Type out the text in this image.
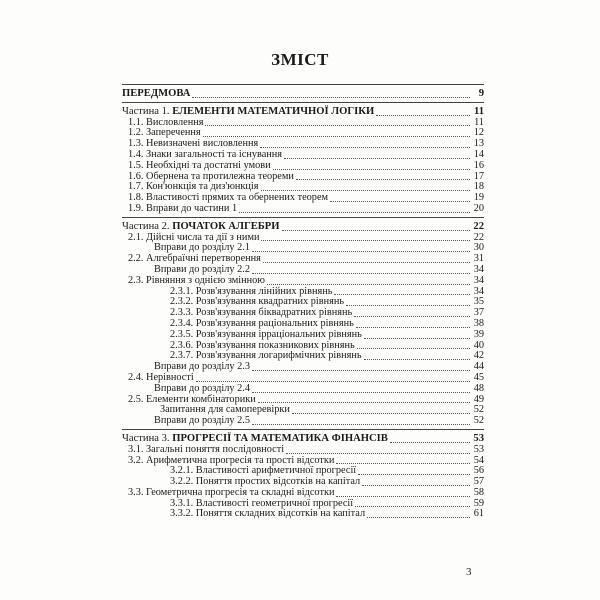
ЗМІСТ
ПЕРЕДМОВА	9
Частина 1. ЕЛЕМЕНТИ МАТЕМАТИЧНОЇ ЛОГІКИ	11
1.1. Висловлення	11
1.2. Заперечення	12
1.3. Невизначені висловлення	13
1.4. Знаки загальності та існування	14
1.5. Необхідні та достатні умови	16
1.6. Обернена та протилежна теореми	17
1.7. Кон'юнкція та диз'юнкція	18
1.8. Властивості прямих та обернених теорем	19
1.9. Вправи до частини 1	20
Частина 2. ПОЧАТОК АЛГЕБРИ	22
2.1. Дійсні числа та дії з ними	22
Вправи до розділу 2.1	30
2.2. Алгебраїчні перетворення	31
Вправи до розділу 2.2	34
2.3. Рівняння з однією змінною	34
2.3.1. Розв'язування лінійних рівнянь	34
2.3.2. Розв'язування квадратних рівнянь	35
2.3.3. Розв'язування біквадратних рівнянь	37
2.3.4. Розв'язування раціональних рівнянь	38
2.3.5. Розв'язування ірраціональних рівнянь	39
2.3.6. Розв'язування показникових рівнянь	40
2.3.7. Розв'язування логарифмічних рівнянь	42
Вправи до розділу 2.3	44
2.4. Нерівності	45
Вправи до розділу 2.4	48
2.5. Елементи комбінаторики	49
Запитання для самоперевірки	52
Вправи до розділу 2.5	52
Частина 3. ПРОГРЕСІЇ ТА МАТЕМАТИКА ФІНАНСІВ	53
3.1. Загальні поняття послідовності	53
3.2. Арифметична прогресія та прості відсотки	54
3.2.1. Властивості арифметичної прогресії	56
3.2.2. Поняття простих відсотків на капітал	57
3.3. Геометрична прогресія та складні відсотки	58
3.3.1. Властивості геометричної прогресії	59
3.3.2. Поняття складних відсотків на капітал	61
3
